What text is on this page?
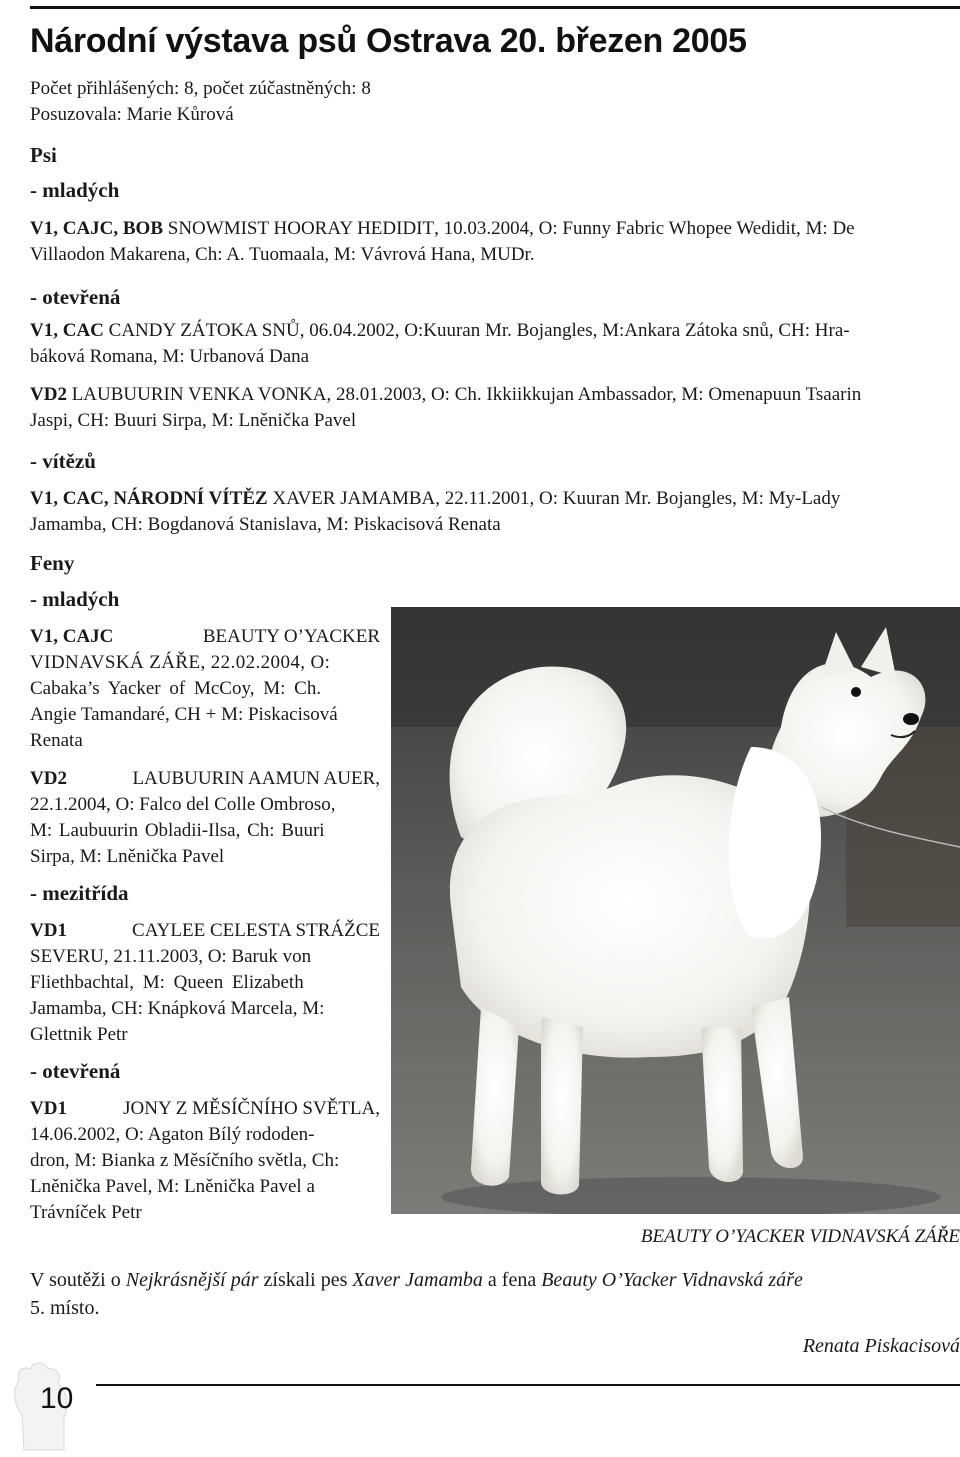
Národní výstava psů Ostrava 20. březen 2005
Počet přihlášených: 8, počet zúčastněných: 8
Posuzovala: Marie Kůrová
Psi
- mladých
V1, CAJC, BOB SNOWMIST HOORAY HEDIDIT, 10.03.2004, O: Funny Fabric Whopee Wedidit, M: De
Villaodon Makarena, Ch: A. Tuomaala, M: Vávrová Hana, MUDr.
- otevřená
V1, CAC CANDY ZÁTOKA SNŮ, 06.04.2002, O:Kuuran Mr. Bojangles, M:Ankara Zátoka snů, CH: Hra-
báková Romana, M: Urbanová Dana
VD2 LAUBUURIN VENKA VONKA, 28.01.2003, O: Ch. Ikkiikkujan Ambassador, M: Omenapuun Tsaarin
Jaspi, CH: Buuri Sirpa, M: Lněnička Pavel
- vítězů
V1, CAC, NÁRODNÍ VÍTĚZ XAVER JAMAMBA, 22.11.2001, O: Kuuran Mr. Bojangles, M: My-Lady
Jamamba, CH: Bogdanová Stanislava, M: Piskacisová Renata
Feny
- mladých
V1, CAJC	BEAUTY O’YACKER
VIDNAVSKÁ ZÁŘE, 22.02.2004, O:
Cabaka’s Yacker of McCoy, M: Ch.
Angie Tamandaré, CH + M: Piskacisová
Renata
VD2	LAUBUURIN AAMUN AUER,
22.1.2004, O: Falco del Colle Ombroso,
M: Laubuurin Obladii-Ilsa, Ch: Buuri
Sirpa, M: Lněnička Pavel
- mezitřída
VD1	CAYLEE CELESTA STRÁŽCE
SEVERU, 21.11.2003, O: Baruk von
Fliethbachtal, M: Queen Elizabeth
Jamamba, CH: Knápková Marcela, M:
Glettnik Petr
- otevřená
VD1	JONY Z MĚSÍČNÍHO SVĚTLA,
14.06.2002, O: Agaton Bílý rododen-
dron, M: Bianka z Měsíčního světla, Ch:
Lněnička Pavel, M: Lněnička Pavel a
Trávníček Petr
BEAUTY O’YACKER VIDNAVSKÁ ZÁŘE
V soutěži o Nejkrásnější pár získali pes Xaver Jamamba a fena Beauty O’Yacker Vidnavská záře
5. místo.
Renata Piskacisová
10
